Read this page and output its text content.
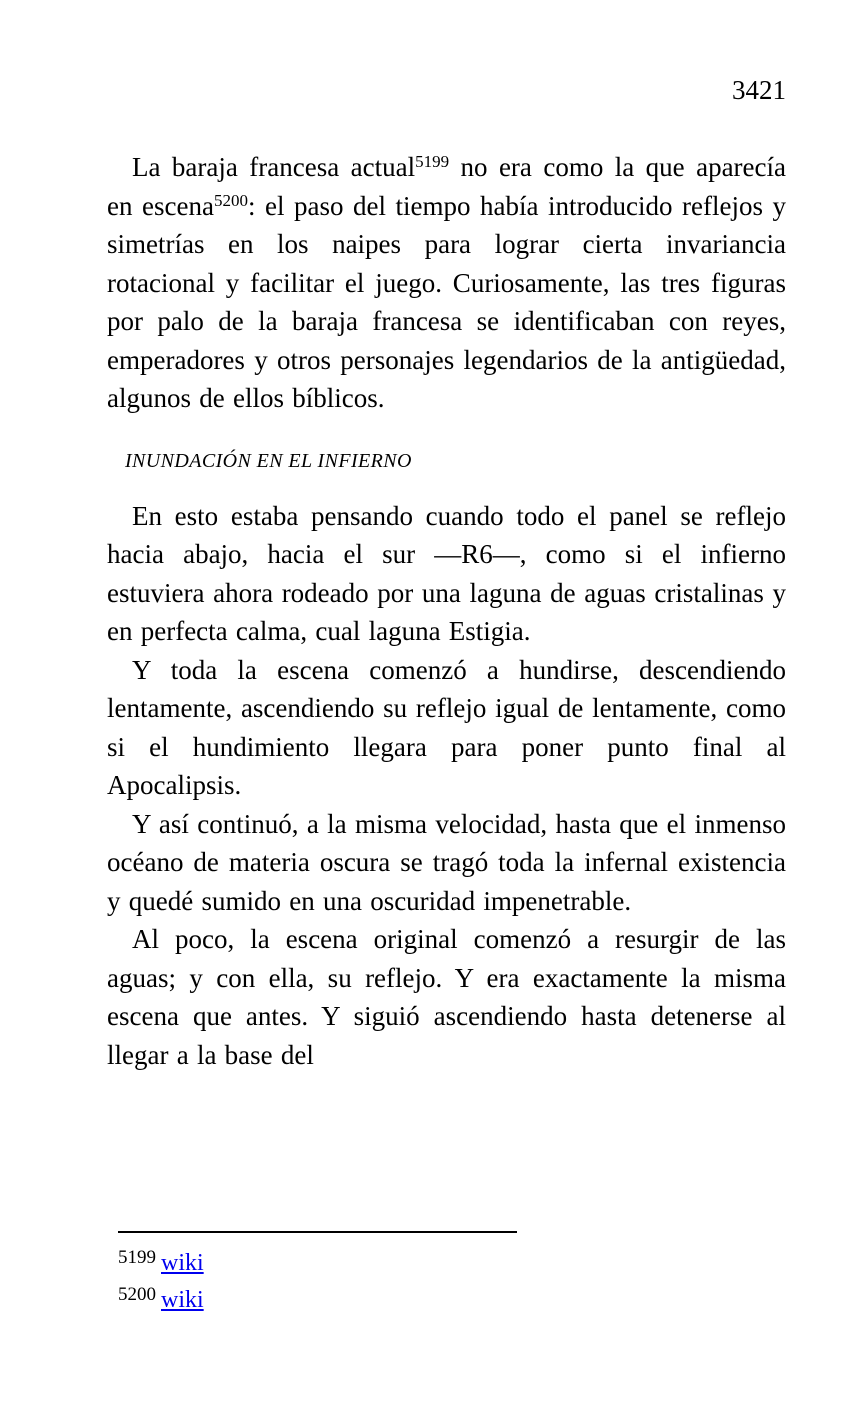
3421

La baraja francesa actual$^{5199}$ no era como la que aparecía en escena$^{5200}$: el paso del tiempo había introducido reflejos y simetrías en los naipes para lograr cierta invariancia rotacional y facilitar el juego. Curiosamente, las tres figuras por palo de la baraja francesa se identificaban con reyes, emperadores y otros personajes legendarios de la antigüedad, algunos de ellos bíblicos.

INUNDACIÓN EN EL INFIERNO

En esto estaba pensando cuando todo el panel se reflejo hacia abajo, hacia el sur —R6—, como si el infierno estuviera ahora rodeado por una laguna de aguas cristalinas y en perfecta calma, cual laguna Estigia.

Y toda la escena comenzó a hundirse, descendiendo lentamente, ascendiendo su reflejo igual de lentamente, como si el hundimiento llegara para poner punto final al Apocalipsis.

Y así continuó, a la misma velocidad, hasta que el inmenso océano de materia oscura se tragó toda la infernal existencia y quedé sumido en una oscuridad impenetrable.

Al poco, la escena original comenzó a resurgir de las aguas; y con ella, su reflejo. Y era exactamente la misma escena que antes. Y siguió ascendiendo hasta detenerse al llegar a la base del

$^{5199}$ wiki
$^{5200}$ wiki
